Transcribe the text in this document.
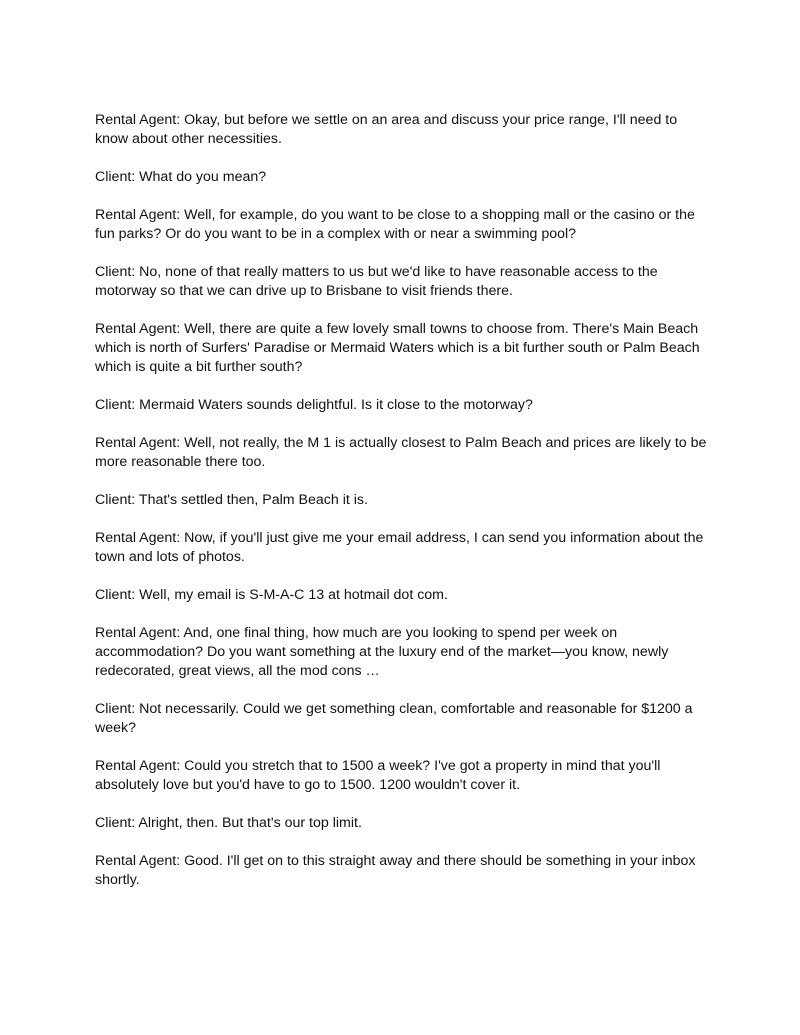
Rental Agent: Okay, but before we settle on an area and discuss your price range, I'll need to know about other necessities.

Client: What do you mean?

Rental Agent: Well, for example, do you want to be close to a shopping mall or the casino or the fun parks? Or do you want to be in a complex with or near a swimming pool?

Client: No, none of that really matters to us but we'd like to have reasonable access to the motorway so that we can drive up to Brisbane to visit friends there.

Rental Agent: Well, there are quite a few lovely small towns to choose from. There's Main Beach which is north of Surfers' Paradise or Mermaid Waters which is a bit further south or Palm Beach which is quite a bit further south?

Client: Mermaid Waters sounds delightful. Is it close to the motorway?

Rental Agent: Well, not really, the M 1 is actually closest to Palm Beach and prices are likely to be more reasonable there too.

Client: That's settled then, Palm Beach it is.

Rental Agent: Now, if you'll just give me your email address, I can send you information about the town and lots of photos.

Client: Well, my email is S-M-A-C 13 at hotmail dot com.

Rental Agent: And, one final thing, how much are you looking to spend per week on accommodation? Do you want something at the luxury end of the market—you know, newly redecorated, great views, all the mod cons …

Client: Not necessarily. Could we get something clean, comfortable and reasonable for $1200 a week?

Rental Agent: Could you stretch that to 1500 a week? I've got a property in mind that you'll absolutely love but you'd have to go to 1500. 1200 wouldn't cover it.

Client: Alright, then. But that's our top limit.

Rental Agent: Good. I'll get on to this straight away and there should be something in your inbox shortly.
